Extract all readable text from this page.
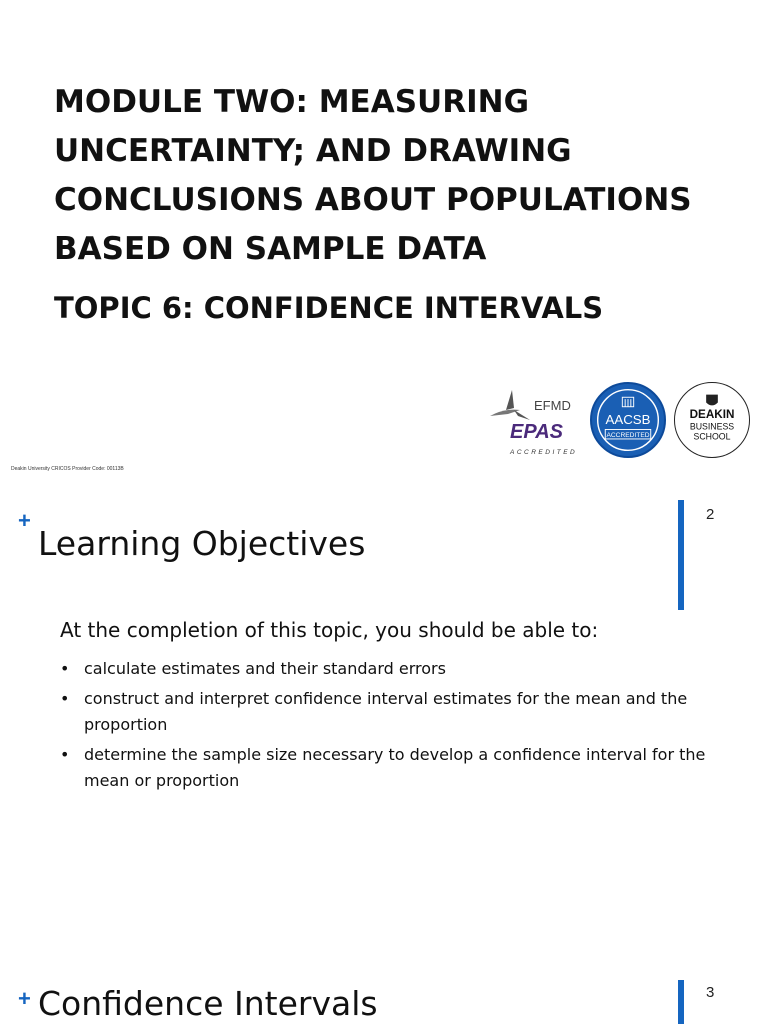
MODULE TWO: MEASURING UNCERTAINTY; AND DRAWING CONCLUSIONS ABOUT POPULATIONS BASED ON SAMPLE DATA
TOPIC 6: CONFIDENCE INTERVALS
EFMD
EPAS
ACCREDITED
AACSB
ACCREDITED
DEAKIN
BUSINESS
SCHOOL
Deakin University CRICOS Provider Code: 00113B
+
Learning Objectives
2

At the completion of this topic, you should be able to:

• calculate estimates and their standard errors
• construct and interpret confidence interval estimates for the mean and the proportion
• determine the sample size necessary to develop a confidence interval for the mean or proportion
+ Confidence Intervals	3
